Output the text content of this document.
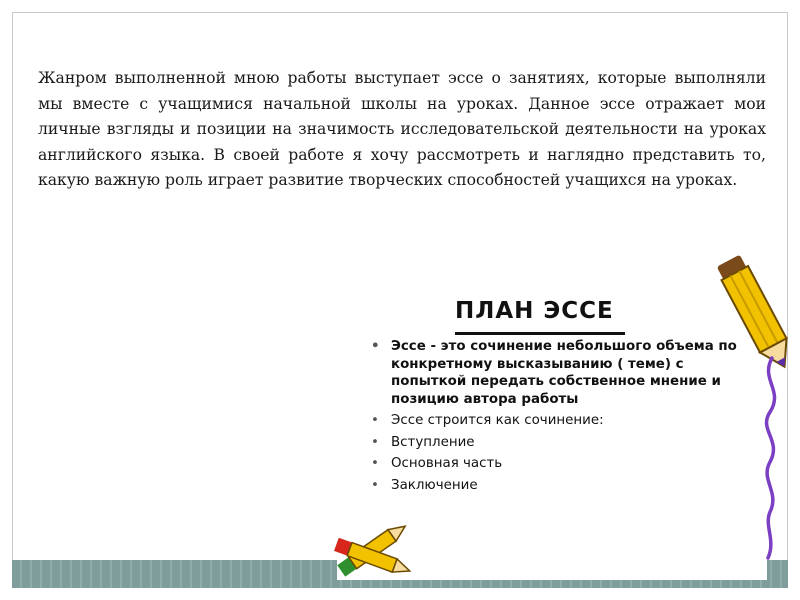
Жанром выполненной мною работы выступает эссе о занятиях, которые выполняли мы вместе с учащимися начальной школы на уроках. Данное эссе отражает мои личные взгляды и позиции на значимость исследовательской деятельности на уроках английского языка. В своей работе я хочу рассмотреть и наглядно представить то, какую важную роль играет развитие творческих способностей учащихся на уроках.

ПЛАН ЭССЕ
• Эссе - это сочинение небольшого объема по конкретному высказыванию ( теме) с попыткой передать собственное мнение и позицию автора работы
• Эссе строится как сочинение:
• Вступление
• Основная часть
• Заключение
